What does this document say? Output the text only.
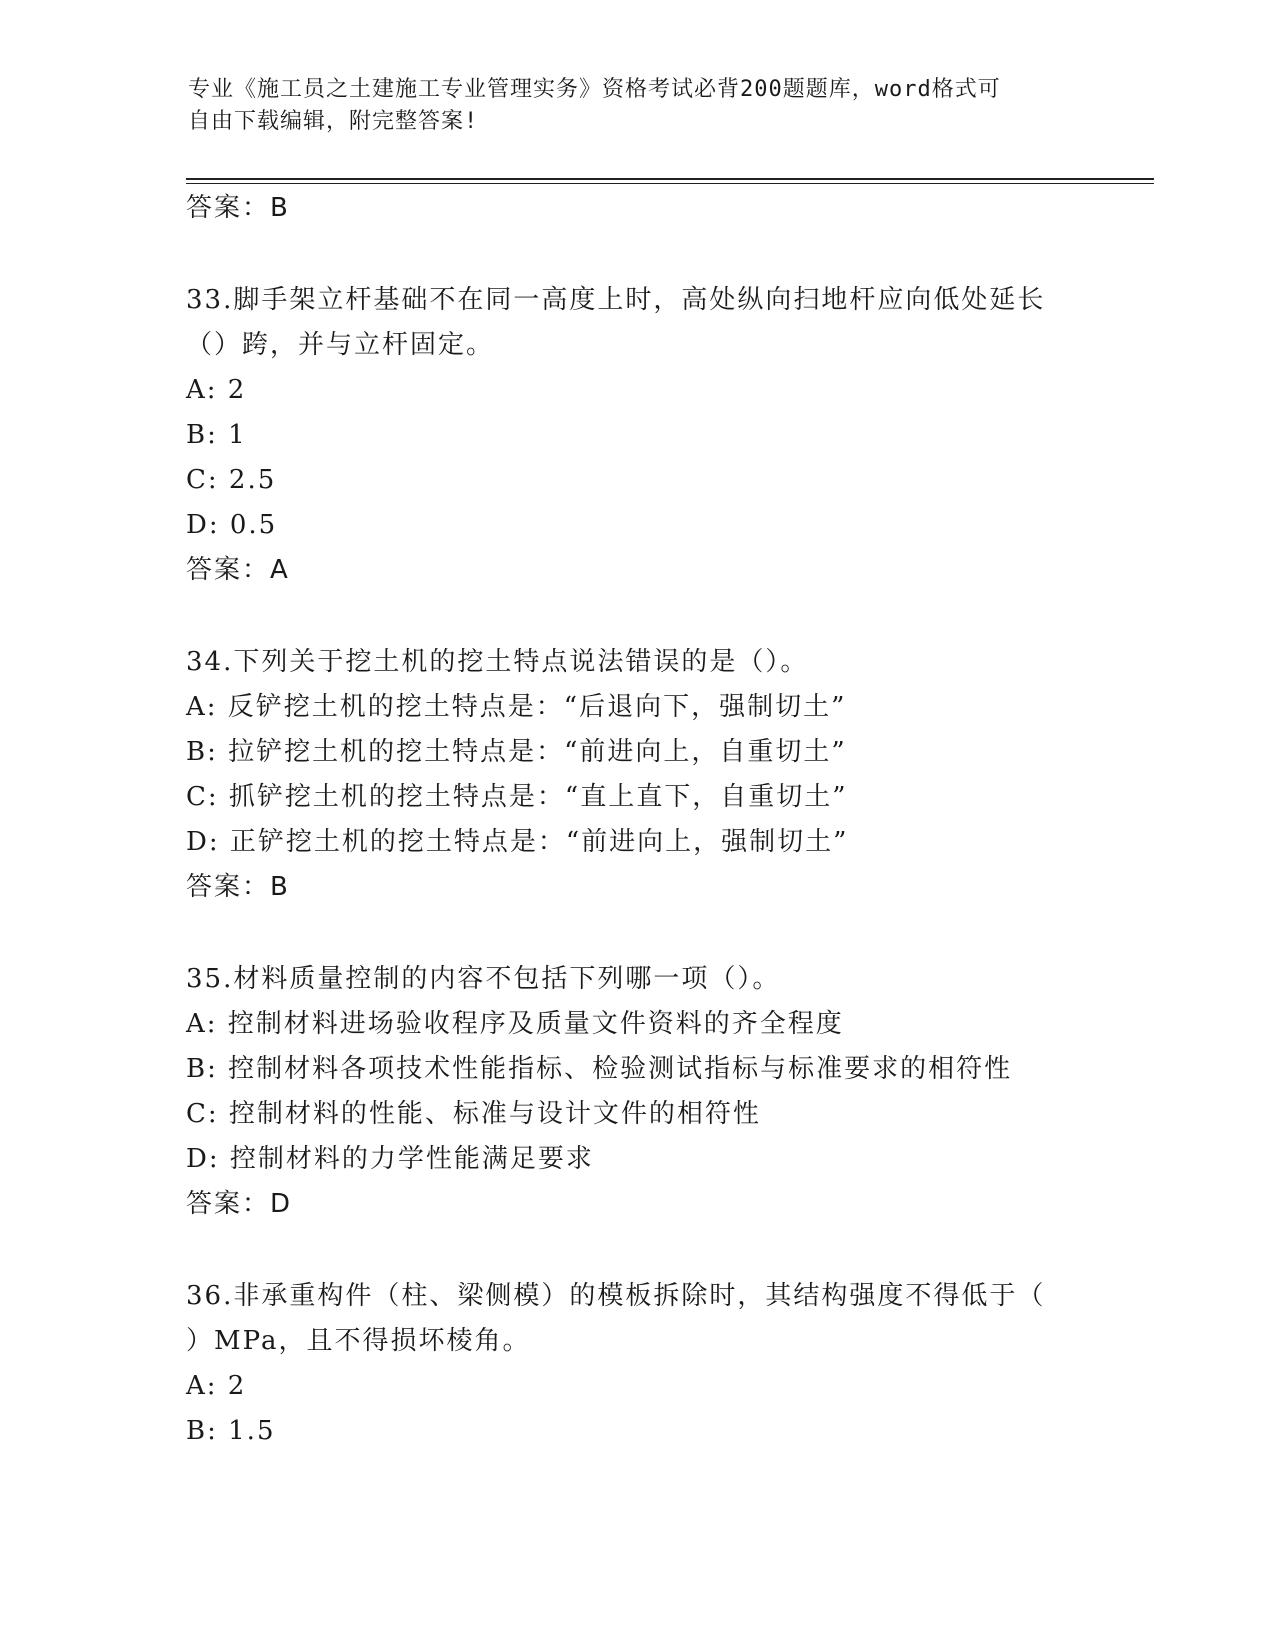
专业《施工员之土建施工专业管理实务》资格考试必背200题题库，word格式可
自由下载编辑，附完整答案!
答案：B
33.脚手架立杆基础不在同一高度上时，高处纵向扫地杆应向低处延长
（）跨，并与立杆固定。
A: 2
B: 1
C: 2.5
D: 0.5
答案：A
34.下列关于挖土机的挖土特点说法错误的是（）。
A: 反铲挖土机的挖土特点是：“后退向下，强制切土”
B: 拉铲挖土机的挖土特点是：“前进向上，自重切土”
C: 抓铲挖土机的挖土特点是：“直上直下，自重切土”
D: 正铲挖土机的挖土特点是：“前进向上，强制切土”
答案：B
35.材料质量控制的内容不包括下列哪一项（）。
A: 控制材料进场验收程序及质量文件资料的齐全程度
B: 控制材料各项技术性能指标、检验测试指标与标准要求的相符性
C: 控制材料的性能、标准与设计文件的相符性
D: 控制材料的力学性能满足要求
答案：D
36.非承重构件（柱、梁侧模）的模板拆除时，其结构强度不得低于（
）MPa，且不得损坏棱角。
A: 2
B: 1.5
